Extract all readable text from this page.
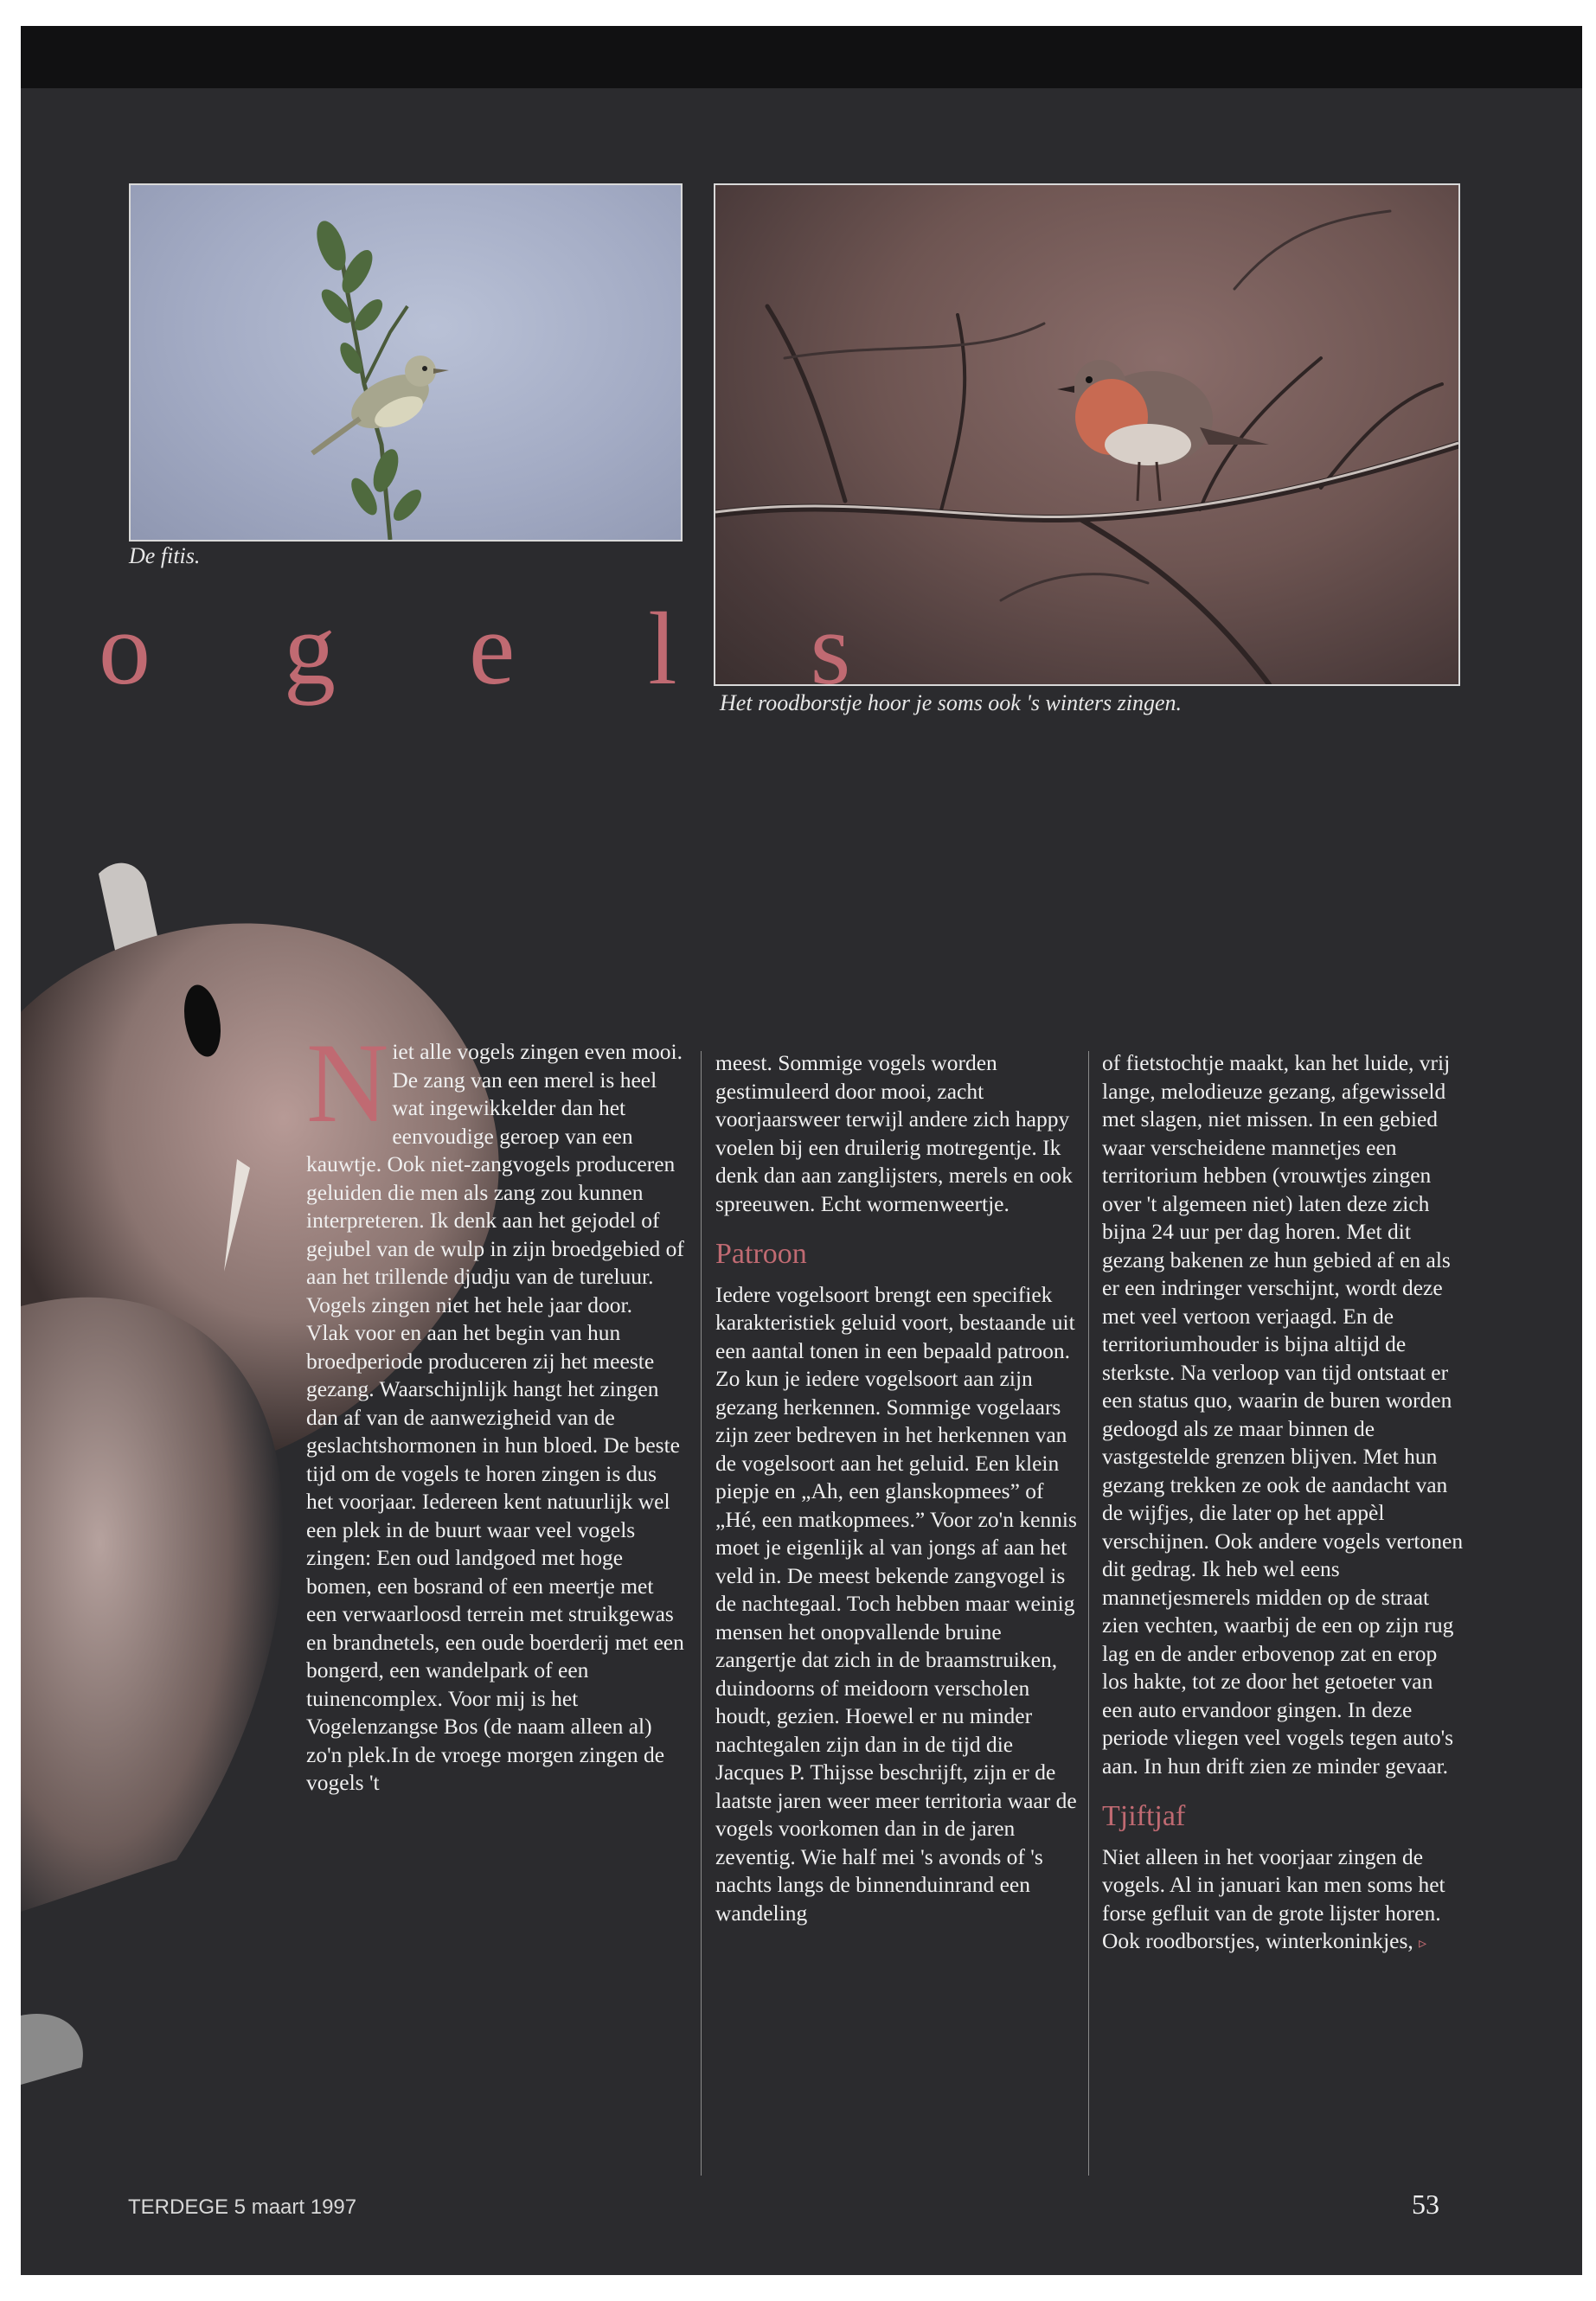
De fitis.
Het roodborstje hoor je soms ook 's winters zingen.
o g e l s

N iet alle vogels zingen even mooi. De zang van een merel is heel wat ingewikkelder dan het eenvoudige geroep van een kauwtje. Ook niet-zangvogels produceren geluiden die men als zang zou kunnen interpreteren. Ik denk aan het gejodel of gejubel van de wulp in zijn broedgebied of aan het trillende djudju van de tureluur. Vogels zingen niet het hele jaar door.

Vlak voor en aan het begin van hun broedperiode produceren zij het meeste gezang. Waarschijnlijk hangt het zingen dan af van de aanwezigheid van de geslachtshormonen in hun bloed. De beste tijd om de vogels te horen zingen is dus het voorjaar. Iedereen kent natuurlijk wel een plek in de buurt waar veel vogels zingen: Een oud landgoed met hoge bomen, een bosrand of een meertje met een verwaarloosd terrein met struikgewas en brandnetels, een oude boerderij met een bongerd, een wandelpark of een tuinencomplex. Voor mij is het Vogelenzangse Bos (de naam alleen al) zo'n plek.In de vroege morgen zingen de vogels 't

meest. Sommige vogels worden gestimuleerd door mooi, zacht voorjaarsweer terwijl andere zich happy voelen bij een druilerig motregentje. Ik denk dan aan zanglijsters, merels en ook spreeuwen. Echt wormenweertje.

Patroon

Iedere vogelsoort brengt een specifiek karakteristiek geluid voort, bestaande uit een aantal tonen in een bepaald patroon. Zo kun je iedere vogelsoort aan zijn gezang herkennen. Sommige vogelaars zijn zeer bedreven in het herkennen van de vogelsoort aan het geluid. Een klein piepje en „Ah, een glanskopmees” of „Hé, een matkopmees.” Voor zo'n kennis moet je eigenlijk al van jongs af aan het veld in. De meest bekende zangvogel is de nachtegaal. Toch hebben maar weinig mensen het onopvallende bruine zangertje dat zich in de braamstruiken, duindoorns of meidoorn verscholen houdt, gezien. Hoewel er nu minder nachtegalen zijn dan in de tijd die Jacques P. Thijsse beschrijft, zijn er de laatste jaren weer meer territoria waar de vogels voorkomen dan in de jaren zeventig. Wie half mei 's avonds of 's nachts langs de binnenduinrand een wandeling

of fietstochtje maakt, kan het luide, vrij lange, melodieuze gezang, afgewisseld met slagen, niet missen. In een gebied waar verscheidene mannetjes een territorium hebben (vrouwtjes zingen over 't algemeen niet) laten deze zich bijna 24 uur per dag horen. Met dit gezang bakenen ze hun gebied af en als er een indringer verschijnt, wordt deze met veel vertoon verjaagd. En de territoriumhouder is bijna altijd de sterkste. Na verloop van tijd ontstaat er een status quo, waarin de buren worden gedoogd als ze maar binnen de vastgestelde grenzen blijven. Met hun gezang trekken ze ook de aandacht van de wijfjes, die later op het appèl verschijnen. Ook andere vogels vertonen dit gedrag. Ik heb wel eens mannetjesmerels midden op de straat zien vechten, waarbij de een op zijn rug lag en de ander erbovenop zat en erop los hakte, tot ze door het getoeter van een auto ervandoor gingen. In deze periode vliegen veel vogels tegen auto's aan. In hun drift zien ze minder gevaar.

Tjiftjaf

Niet alleen in het voorjaar zingen de vogels. Al in januari kan men soms het forse gefluit van de grote lijster horen. Ook roodborstjes, winterkoninkjes, ▹

TERDEGE 5 maart 1997	53
